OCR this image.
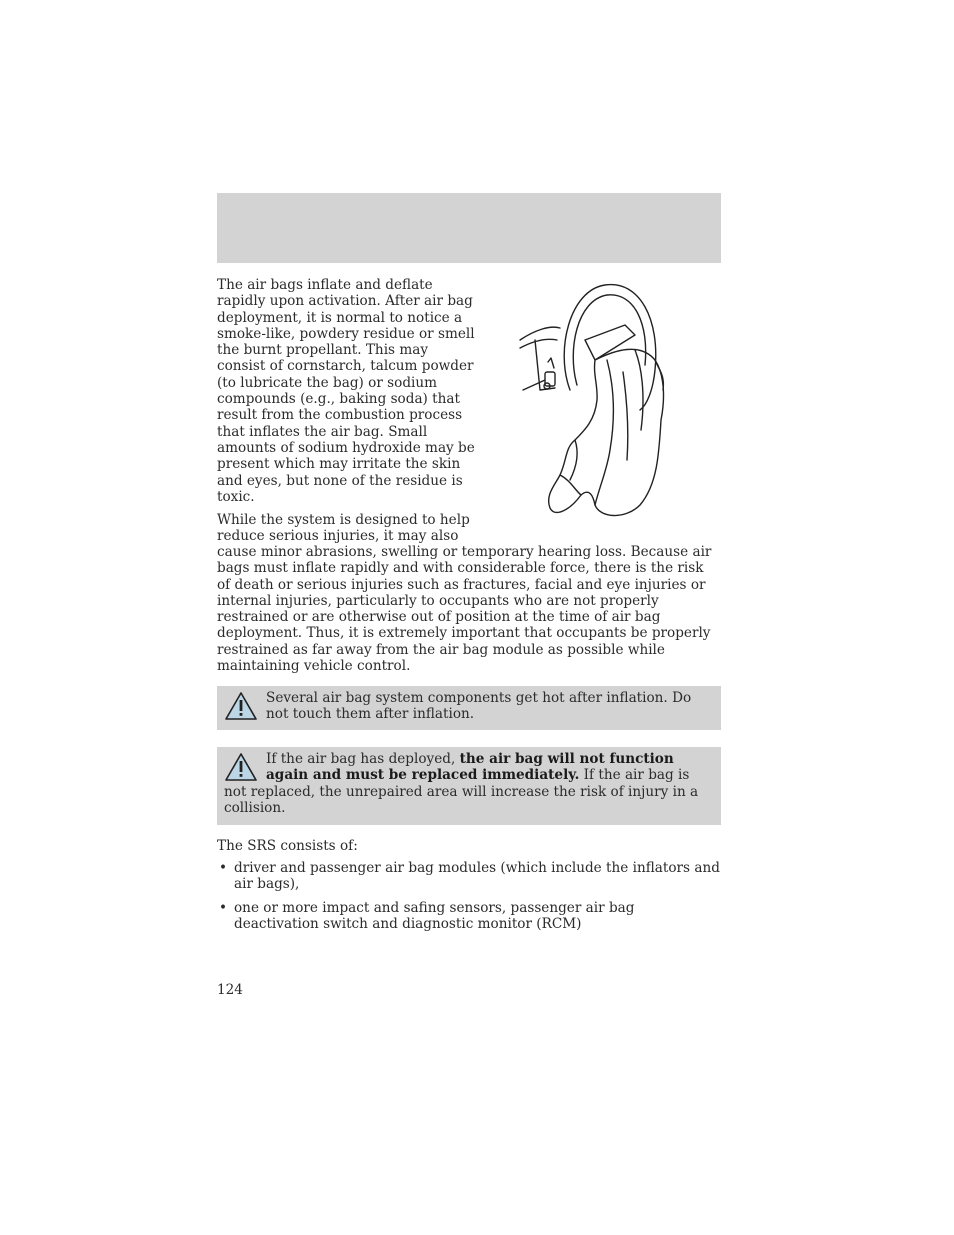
The air bags inflate and deflate rapidly upon activation. After air bag deployment, it is normal to notice a smoke-like, powdery residue or smell the burnt propellant. This may consist of cornstarch, talcum powder (to lubricate the bag) or sodium compounds (e.g., baking soda) that result from the combustion process that inflates the air bag. Small amounts of sodium hydroxide may be present which may irritate the skin and eyes, but none of the residue is toxic.

While the system is designed to help reduce serious injuries, it may also

cause minor abrasions, swelling or temporary hearing loss. Because air bags must inflate rapidly and with considerable force, there is the risk of death or serious injuries such as fractures, facial and eye injuries or internal injuries, particularly to occupants who are not properly restrained or are otherwise out of position at the time of air bag deployment. Thus, it is extremely important that occupants be properly restrained as far away from the air bag module as possible while maintaining vehicle control.

Several air bag system components get hot after inflation. Do not touch them after inflation.
If the air bag has deployed, the air bag will not function again and must be replaced immediately. If the air bag is not replaced, the unrepaired area will increase the risk of injury in a collision.

The SRS consists of:

• driver and passenger air bag modules (which include the inflators and air bags),
• one or more impact and safing sensors, passenger air bag deactivation switch and diagnostic monitor (RCM)
124
